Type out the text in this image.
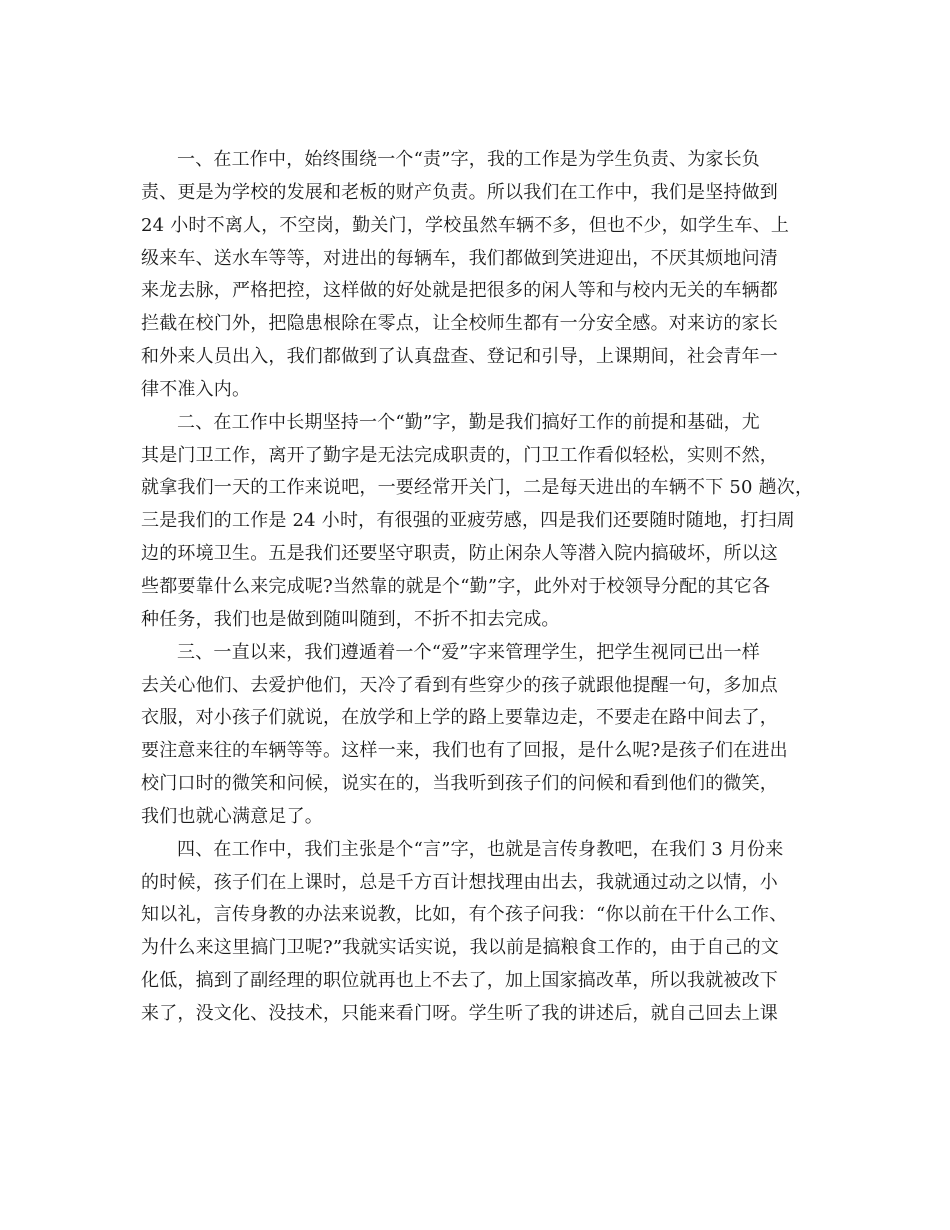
一、在工作中，始终围绕一个“责”字，我的工作是为学生负责、为家长负
责、更是为学校的发展和老板的财产负责。所以我们在工作中，我们是坚持做到
24 小时不离人，不空岗，勤关门，学校虽然车辆不多，但也不少，如学生车、上
级来车、送水车等等，对进出的每辆车，我们都做到笑进迎出，不厌其烦地问清
来龙去脉，严格把控，这样做的好处就是把很多的闲人等和与校内无关的车辆都
拦截在校门外，把隐患根除在零点，让全校师生都有一分安全感。对来访的家长
和外来人员出入，我们都做到了认真盘查、登记和引导，上课期间，社会青年一
律不准入内。
二、在工作中长期坚持一个“勤”字，勤是我们搞好工作的前提和基础，尤
其是门卫工作，离开了勤字是无法完成职责的，门卫工作看似轻松，实则不然，
就拿我们一天的工作来说吧，一要经常开关门，二是每天进出的车辆不下 50 趟次，
三是我们的工作是 24 小时，有很强的亚疲劳感，四是我们还要随时随地，打扫周
边的环境卫生。五是我们还要坚守职责，防止闲杂人等潜入院内搞破坏，所以这
些都要靠什么来完成呢?当然靠的就是个“勤”字，此外对于校领导分配的其它各
种任务，我们也是做到随叫随到，不折不扣去完成。
三、一直以来，我们遵遁着一个“爱”字来管理学生，把学生视同已出一样
去关心他们、去爱护他们，天冷了看到有些穿少的孩子就跟他提醒一句，多加点
衣服，对小孩子们就说，在放学和上学的路上要靠边走，不要走在路中间去了，
要注意来往的车辆等等。这样一来，我们也有了回报，是什么呢?是孩子们在进出
校门口时的微笑和问候，说实在的，当我听到孩子们的问候和看到他们的微笑，
我们也就心满意足了。
四、在工作中，我们主张是个“言”字，也就是言传身教吧，在我们 3 月份来
的时候，孩子们在上课时，总是千方百计想找理由出去，我就通过动之以情，小
知以礼，言传身教的办法来说教，比如，有个孩子问我：“你以前在干什么工作、
为什么来这里搞门卫呢?”我就实话实说，我以前是搞粮食工作的，由于自己的文
化低，搞到了副经理的职位就再也上不去了，加上国家搞改革，所以我就被改下
来了，没文化、没技术，只能来看门呀。学生听了我的讲述后，就自己回去上课
